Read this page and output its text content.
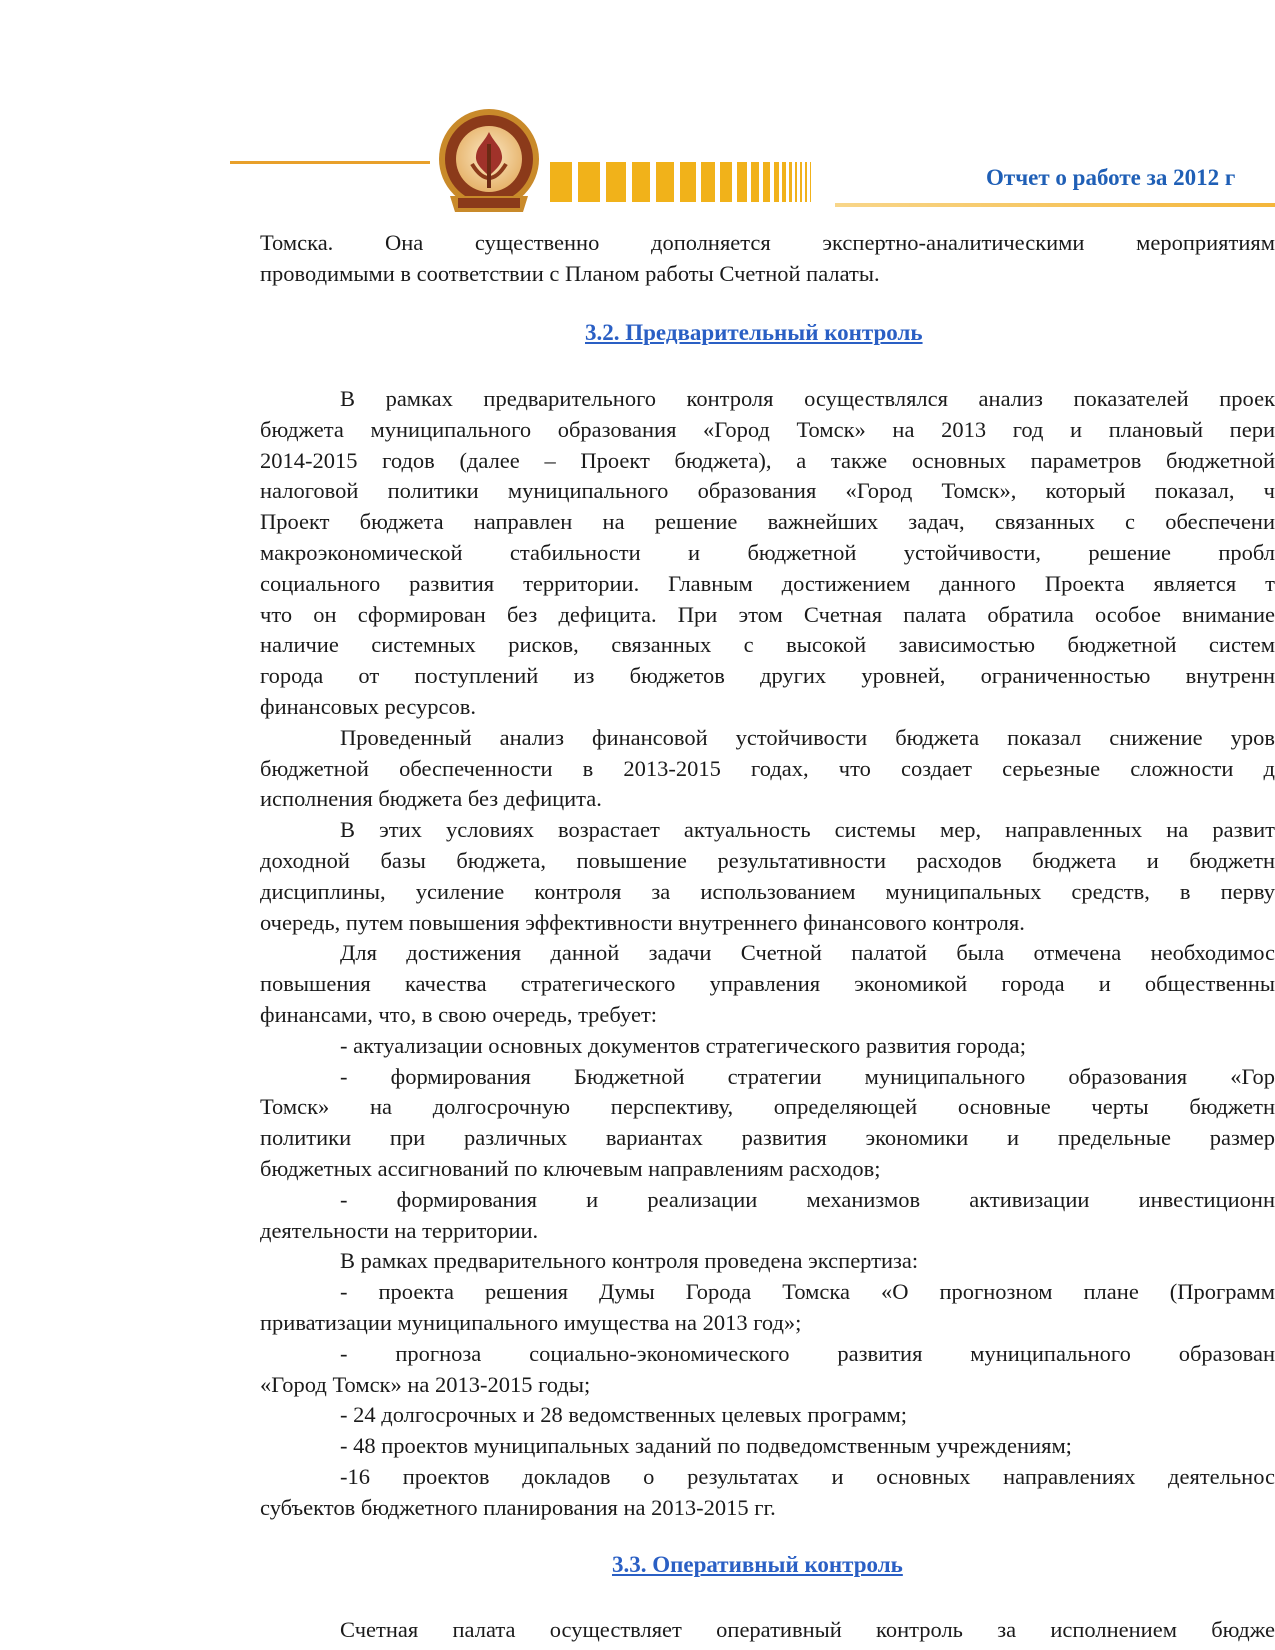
Отчет о работе за 2012 г
Томска. Она существенно дополняется экспертно-аналитическими мероприятиям
проводимыми в соответствии с Планом работы Счетной палаты.
3.2. Предварительный контроль
В рамках предварительного контроля осуществлялся анализ показателей проек
бюджета муниципального образования «Город Томск» на 2013 год и плановый пери
2014-2015 годов (далее – Проект бюджета), а также основных параметров бюджетной
налоговой политики муниципального образования «Город Томск», который показал, ч
Проект бюджета направлен на решение важнейших задач, связанных с обеспечени
макроэкономической стабильности и бюджетной устойчивости, решение пробл
социального развития территории. Главным достижением данного Проекта является т
что он сформирован без дефицита. При этом Счетная палата обратила особое внимание
наличие системных рисков, связанных с высокой зависимостью бюджетной систем
города от поступлений из бюджетов других уровней, ограниченностью внутренн
финансовых ресурсов.
Проведенный анализ финансовой устойчивости бюджета показал снижение уров
бюджетной обеспеченности в 2013-2015 годах, что создает серьезные сложности д
исполнения бюджета без дефицита.
В этих условиях возрастает актуальность системы мер, направленных на развит
доходной базы бюджета, повышение результативности расходов бюджета и бюджетн
дисциплины, усиление контроля за использованием муниципальных средств, в перву
очередь, путем повышения эффективности внутреннего финансового контроля.
Для достижения данной задачи Счетной палатой была отмечена необходимос
повышения качества стратегического управления экономикой города и общественны
финансами, что, в свою очередь, требует:
- актуализации основных документов стратегического развития города;
- формирования Бюджетной стратегии муниципального образования «Гор
Томск» на долгосрочную перспективу, определяющей основные черты бюджетн
политики при различных вариантах развития экономики и предельные размер
бюджетных ассигнований по ключевым направлениям расходов;
- формирования и реализации механизмов активизации инвестиционн
деятельности на территории.
В рамках предварительного контроля проведена экспертиза:
- проекта решения Думы Города Томска «О прогнозном плане (Программ
приватизации муниципального имущества на 2013 год»;
- прогноза социально-экономического развития муниципального образован
«Город Томск» на 2013-2015 годы;
- 24 долгосрочных и 28 ведомственных целевых программ;
- 48 проектов муниципальных заданий по подведомственным учреждениям;
-16 проектов докладов о результатах и основных направлениях деятельнос
субъектов бюджетного планирования на 2013-2015 гг.
3.3. Оперативный контроль
Счетная палата осуществляет оперативный контроль за исполнением бюдже
